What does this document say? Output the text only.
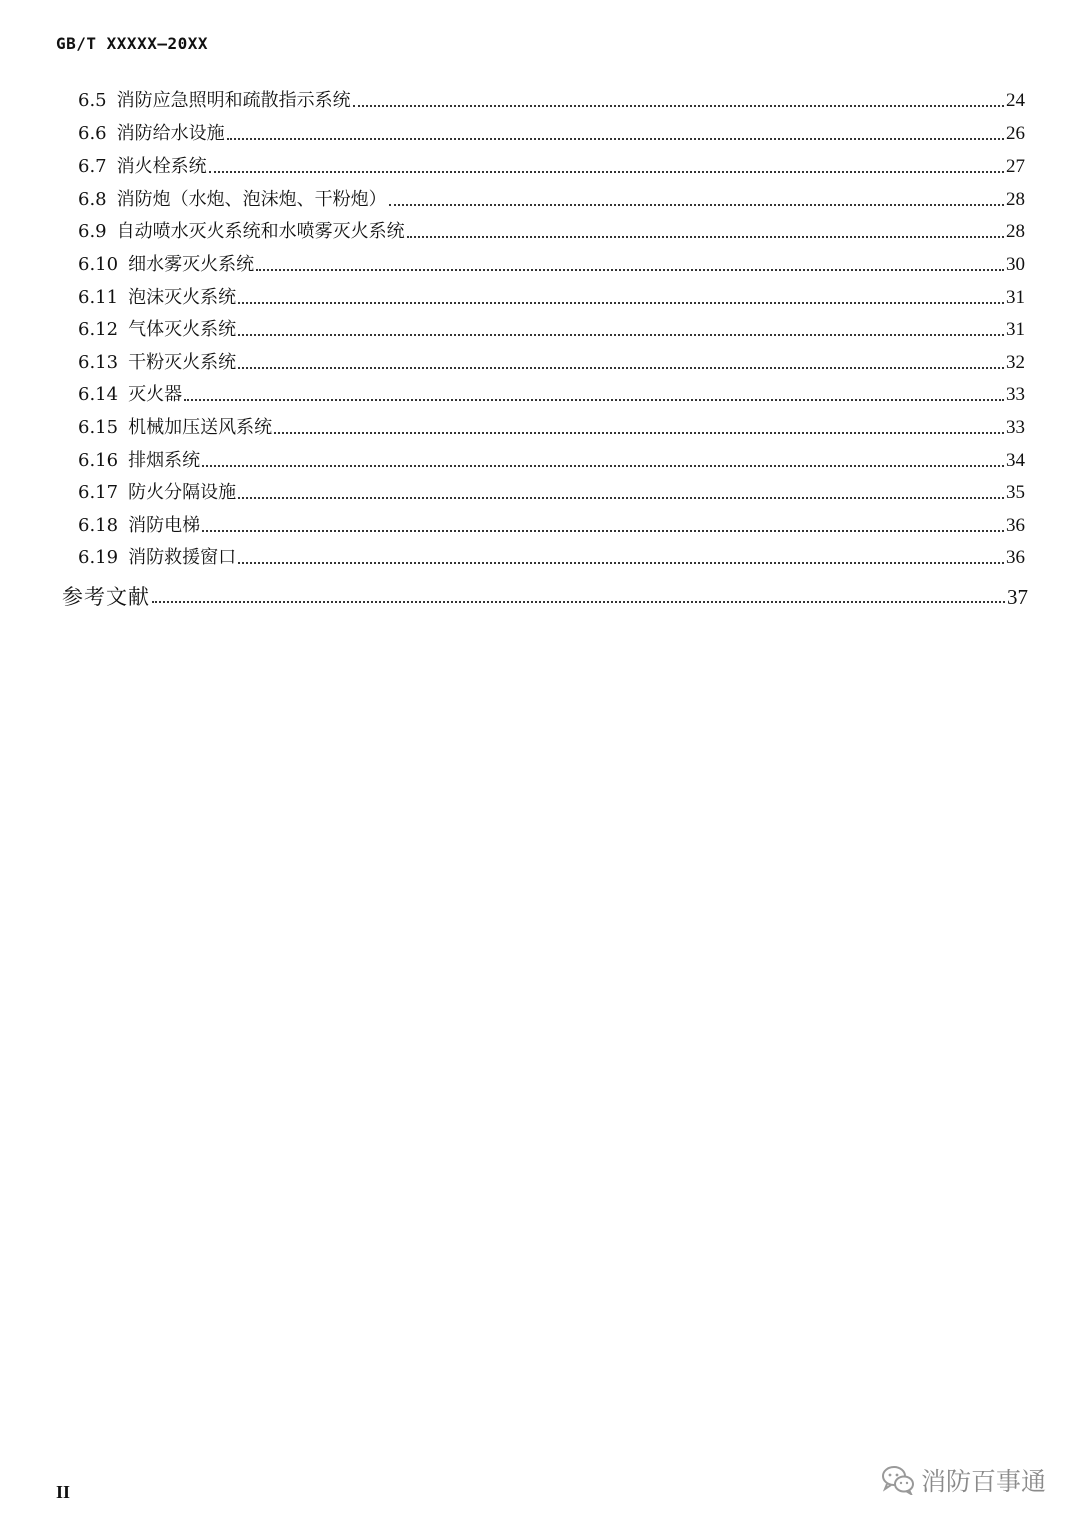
GB/T XXXXX—20XX
6.5 消防应急照明和疏散指示系统	24
6.6 消防给水设施	26
6.7 消火栓系统	27
6.8 消防炮（水炮、泡沫炮、干粉炮）	28
6.9 自动喷水灭火系统和水喷雾灭火系统	28
6.10 细水雾灭火系统	30
6.11 泡沫灭火系统	31
6.12 气体灭火系统	31
6.13 干粉灭火系统	32
6.14 灭火器	33
6.15 机械加压送风系统	33
6.16 排烟系统	34
6.17 防火分隔设施	35
6.18 消防电梯	36
6.19 消防救援窗口	36
参考文献	37
II	消防百事通
